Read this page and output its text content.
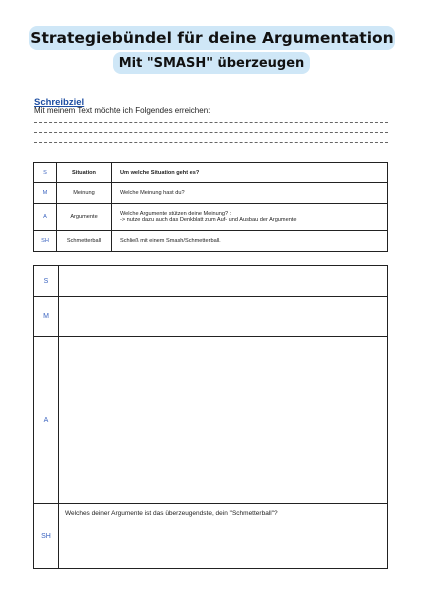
Strategiebündel für deine Argumentation
Mit "SMASH" überzeugen
Schreibziel
Mit meinem Text möchte ich Folgendes erreichen:
S	Situation	Um welche Situation geht es?
M	Meinung	Welche Meinung hast du?
A	Argumente	Welche Argumente stützen deine Meinung? :
-> nutze dazu auch das Denkblatt zum Auf- und Ausbau der Argumente

SH	Schmetterball	Schließ mit einem Smash/Schmetterball.
S	
M	
A	
SH	Welches deiner Argumente ist das überzeugendste, dein "Schmetterball"?
